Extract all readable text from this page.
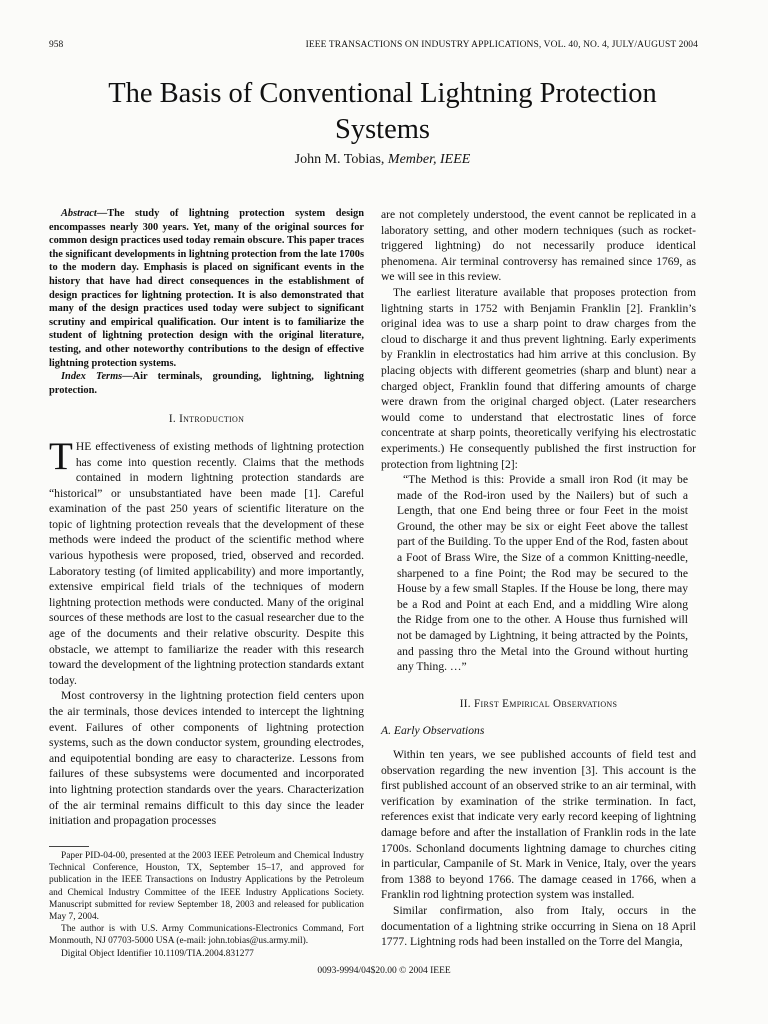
958	IEEE TRANSACTIONS ON INDUSTRY APPLICATIONS, VOL. 40, NO. 4, JULY/AUGUST 2004
The Basis of Conventional Lightning Protection Systems
John M. Tobias, Member, IEEE

Abstract—The study of lightning protection system design encompasses nearly 300 years. Yet, many of the original sources for common design practices used today remain obscure. This paper traces the significant developments in lightning protection from the late 1700s to the modern day. Emphasis is placed on significant events in the history that have had direct consequences in the establishment of design practices for lightning protection. It is also demonstrated that many of the design practices used today were subject to significant scrutiny and empirical qualification. Our intent is to familiarize the student of lightning protection design with the original literature, testing, and other noteworthy contributions to the design of effective lightning protection systems.

Index Terms—Air terminals, grounding, lightning, lightning protection.

I. Introduction

THE effectiveness of existing methods of lightning protection has come into question recently. Claims that the methods contained in modern lightning protection standards are “historical” or unsubstantiated have been made [1]. Careful examination of the past 250 years of scientific literature on the topic of lightning protection reveals that the development of these methods were indeed the product of the scientific method where various hypothesis were proposed, tried, observed and recorded. Laboratory testing (of limited applicability) and more importantly, extensive empirical field trials of the techniques of modern lightning protection methods were conducted. Many of the original sources of these methods are lost to the casual researcher due to the age of the documents and their relative obscurity. Despite this obstacle, we attempt to familiarize the reader with this research toward the development of the lightning protection standards extant today.

Most controversy in the lightning protection field centers upon the air terminals, those devices intended to intercept the lightning event. Failures of other components of lightning protection systems, such as the down conductor system, grounding electrodes, and equipotential bonding are easy to characterize. Lessons from failures of these subsystems were documented and incorporated into lightning protection standards over the years. Characterization of the air terminal remains difficult to this day since the leader initiation and propagation processes

Paper PID-04-00, presented at the 2003 IEEE Petroleum and Chemical Industry Technical Conference, Houston, TX, September 15–17, and approved for publication in the IEEE Transactions on Industry Applications by the Petroleum and Chemical Industry Committee of the IEEE Industry Applications Society. Manuscript submitted for review September 18, 2003 and released for publication May 7, 2004.

The author is with U.S. Army Communications-Electronics Command, Fort Monmouth, NJ 07703-5000 USA (e-mail: john.tobias@us.army.mil).

Digital Object Identifier 10.1109/TIA.2004.831277

are not completely understood, the event cannot be replicated in a laboratory setting, and other modern techniques (such as rocket-triggered lightning) do not necessarily produce identical phenomena. Air terminal controversy has remained since 1769, as we will see in this review.

The earliest literature available that proposes protection from lightning starts in 1752 with Benjamin Franklin [2]. Franklin’s original idea was to use a sharp point to draw charges from the cloud to discharge it and thus prevent lightning. Early experiments by Franklin in electrostatics had him arrive at this conclusion. By placing objects with different geometries (sharp and blunt) near a charged object, Franklin found that differing amounts of charge were drawn from the original charged object. (Later researchers would come to understand that electrostatic lines of force concentrate at sharp points, theoretically verifying his electrostatic experiments.) He consequently published the first instruction for protection from lightning [2]:

“The Method is this: Provide a small iron Rod (it may be made of the Rod-iron used by the Nailers) but of such a Length, that one End being three or four Feet in the moist Ground, the other may be six or eight Feet above the tallest part of the Building. To the upper End of the Rod, fasten about a Foot of Brass Wire, the Size of a common Knitting-needle, sharpened to a fine Point; the Rod may be secured to the House by a few small Staples. If the House be long, there may be a Rod and Point at each End, and a middling Wire along the Ridge from one to the other. A House thus furnished will not be damaged by Lightning, it being attracted by the Points, and passing thro the Metal into the Ground without hurting any Thing. …”

II. First Empirical Observations
A. Early Observations

Within ten years, we see published accounts of field test and observation regarding the new invention [3]. This account is the first published account of an observed strike to an air terminal, with verification by examination of the strike termination. In fact, references exist that indicate very early record keeping of lightning damage before and after the installation of Franklin rods in the late 1700s. Schonland documents lightning damage to churches citing in particular, Campanile of St. Mark in Venice, Italy, over the years from 1388 to beyond 1766. The damage ceased in 1766, when a Franklin rod lightning protection system was installed.

Similar confirmation, also from Italy, occurs in the documentation of a lightning strike occurring in Siena on 18 April 1777. Lightning rods had been installed on the Torre del Mangia,

0093-9994/04$20.00 © 2004 IEEE
